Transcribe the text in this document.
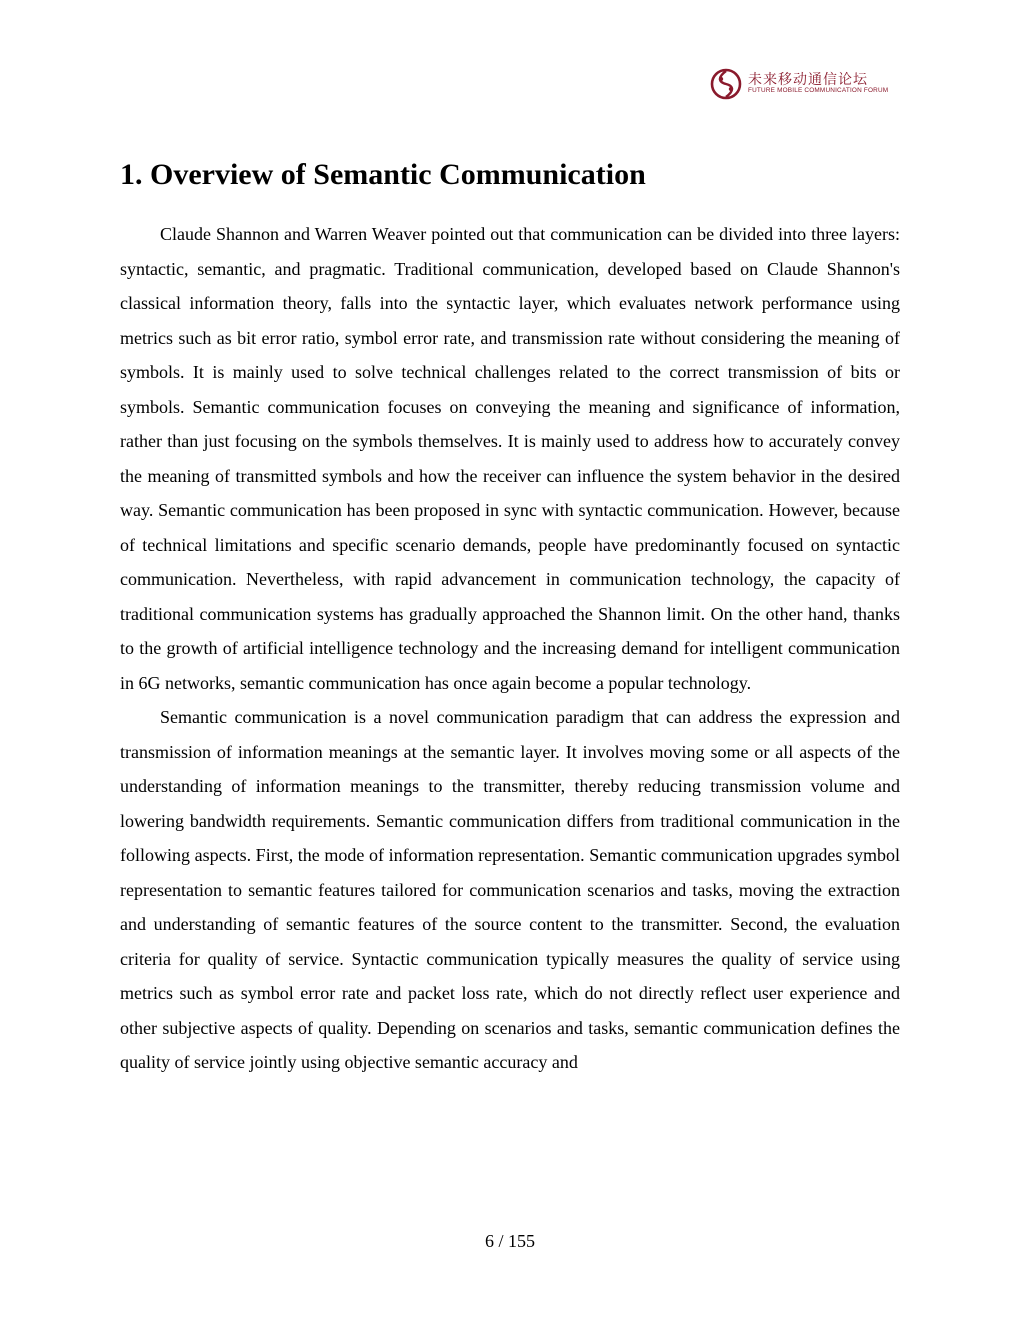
未来移动通信论坛
FUTURE MOBILE COMMUNICATION FORUM
1. Overview of Semantic Communication

Claude Shannon and Warren Weaver pointed out that communication can be divided into three layers: syntactic, semantic, and pragmatic. Traditional communication, developed based on Claude Shannon's classical information theory, falls into the syntactic layer, which evaluates network performance using metrics such as bit error ratio, symbol error rate, and transmission rate without considering the meaning of symbols. It is mainly used to solve technical challenges related to the correct transmission of bits or symbols. Semantic communication focuses on conveying the meaning and significance of information, rather than just focusing on the symbols themselves. It is mainly used to address how to accurately convey the meaning of transmitted symbols and how the receiver can influence the system behavior in the desired way. Semantic communication has been proposed in sync with syntactic communication. However, because of technical limitations and specific scenario demands, people have predominantly focused on syntactic communication. Nevertheless, with rapid advancement in communication technology, the capacity of traditional communication systems has gradually approached the Shannon limit. On the other hand, thanks to the growth of artificial intelligence technology and the increasing demand for intelligent communication in 6G networks, semantic communication has once again become a popular technology.

Semantic communication is a novel communication paradigm that can address the expression and transmission of information meanings at the semantic layer. It involves moving some or all aspects of the understanding of information meanings to the transmitter, thereby reducing transmission volume and lowering bandwidth requirements. Semantic communication differs from traditional communication in the following aspects. First, the mode of information representation. Semantic communication upgrades symbol representation to semantic features tailored for communication scenarios and tasks, moving the extraction and understanding of semantic features of the source content to the transmitter. Second, the evaluation criteria for quality of service. Syntactic communication typically measures the quality of service using metrics such as symbol error rate and packet loss rate, which do not directly reflect user experience and other subjective aspects of quality. Depending on scenarios and tasks, semantic communication defines the quality of service jointly using objective semantic accuracy and

6 / 155
